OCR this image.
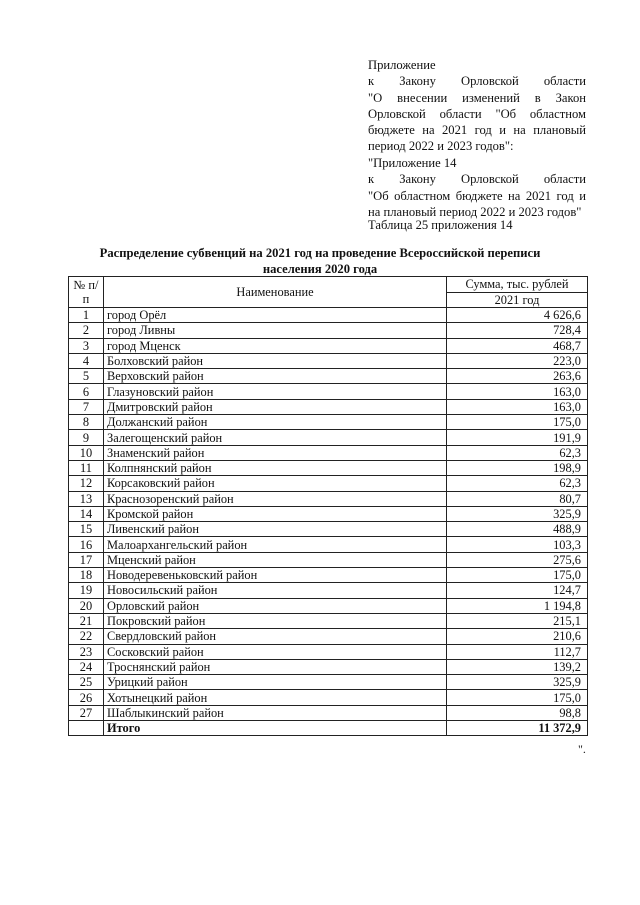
Приложение

к Закону Орловской области

"О внесении изменений в Закон Орловской области "Об областном бюджете на 2021 год и на плановый период 2022 и 2023 годов":

"Приложение 14

к Закону Орловской области

"Об областном бюджете на 2021 год и на плановый период 2022 и 2023 годов"

Таблица 25 приложения 14
Распределение субвенций на 2021 год на проведение Всероссийской переписи населения 2020 года
№ п/п	Наименование	Сумма, тыс. рублей
		2021 год
1	город Орёл	4 626,6
2	город Ливны	728,4
3	город Мценск	468,7
4	Болховский район	223,0
5	Верховский район	263,6
6	Глазуновский район	163,0
7	Дмитровский район	163,0
8	Должанский район	175,0
9	Залегощенский район	191,9
10	Знаменский район	62,3
11	Колпнянский район	198,9
12	Корсаковский район	62,3
13	Краснозоренский район	80,7
14	Кромской район	325,9
15	Ливенский район	488,9
16	Малоархангельский район	103,3
17	Мценский район	275,6
18	Новодеревеньковский район	175,0
19	Новосильский район	124,7
20	Орловский район	1 194,8
21	Покровский район	215,1
22	Свердловский район	210,6
23	Сосковский район	112,7
24	Троснянский район	139,2
25	Урицкий район	325,9
26	Хотынецкий район	175,0
27	Шаблыкинский район	98,8
	Итого	11 372,9
".
